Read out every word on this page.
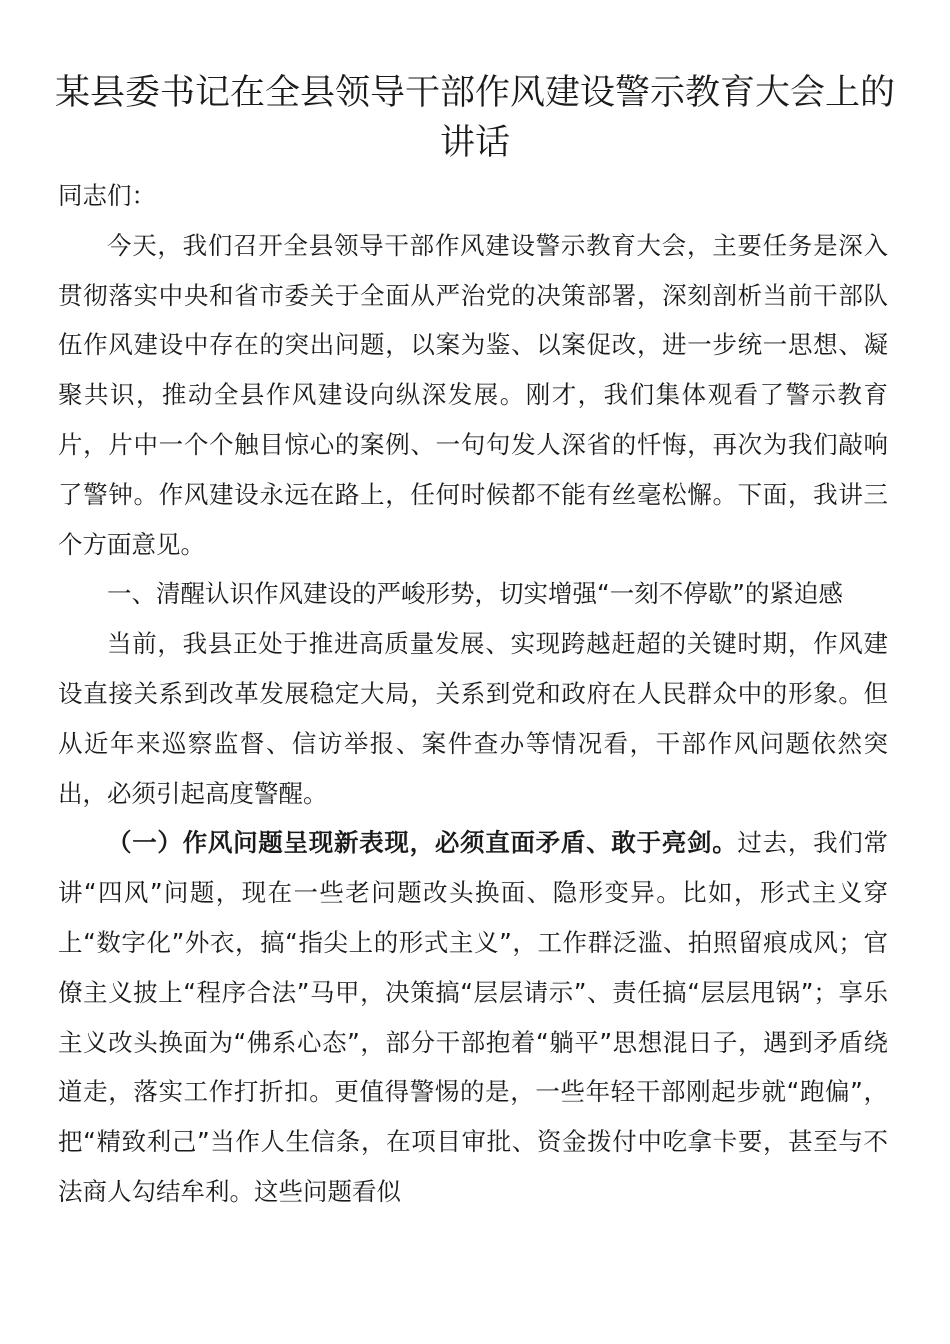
某县委书记在全县领导干部作风建设警示教育大会上的讲话

同志们：

今天，我们召开全县领导干部作风建设警示教育大会，主要任务是深入贯彻落实中央和省市委关于全面从严治党的决策部署，深刻剖析当前干部队伍作风建设中存在的突出问题，以案为鉴、以案促改，进一步统一思想、凝聚共识，推动全县作风建设向纵深发展。刚才，我们集体观看了警示教育片，片中一个个触目惊心的案例、一句句发人深省的忏悔，再次为我们敲响了警钟。作风建设永远在路上，任何时候都不能有丝毫松懈。下面，我讲三个方面意见。

一、清醒认识作风建设的严峻形势，切实增强“一刻不停歇”的紧迫感

当前，我县正处于推进高质量发展、实现跨越赶超的关键时期，作风建设直接关系到改革发展稳定大局，关系到党和政府在人民群众中的形象。但从近年来巡察监督、信访举报、案件查办等情况看，干部作风问题依然突出，必须引起高度警醒。

（一）作风问题呈现新表现，必须直面矛盾、敢于亮剑。过去，我们常讲“四风”问题，现在一些老问题改头换面、隐形变异。比如，形式主义穿上“数字化”外衣，搞“指尖上的形式主义”，工作群泛滥、拍照留痕成风；官僚主义披上“程序合法”马甲，决策搞“层层请示”、责任搞“层层甩锅”；享乐主义改头换面为“佛系心态”，部分干部抱着“躺平”思想混日子，遇到矛盾绕道走，落实工作打折扣。更值得警惕的是，一些年轻干部刚起步就“跑偏”，把“精致利己”当作人生信条，在项目审批、资金拨付中吃拿卡要，甚至与不法商人勾结牟利。这些问题看似
